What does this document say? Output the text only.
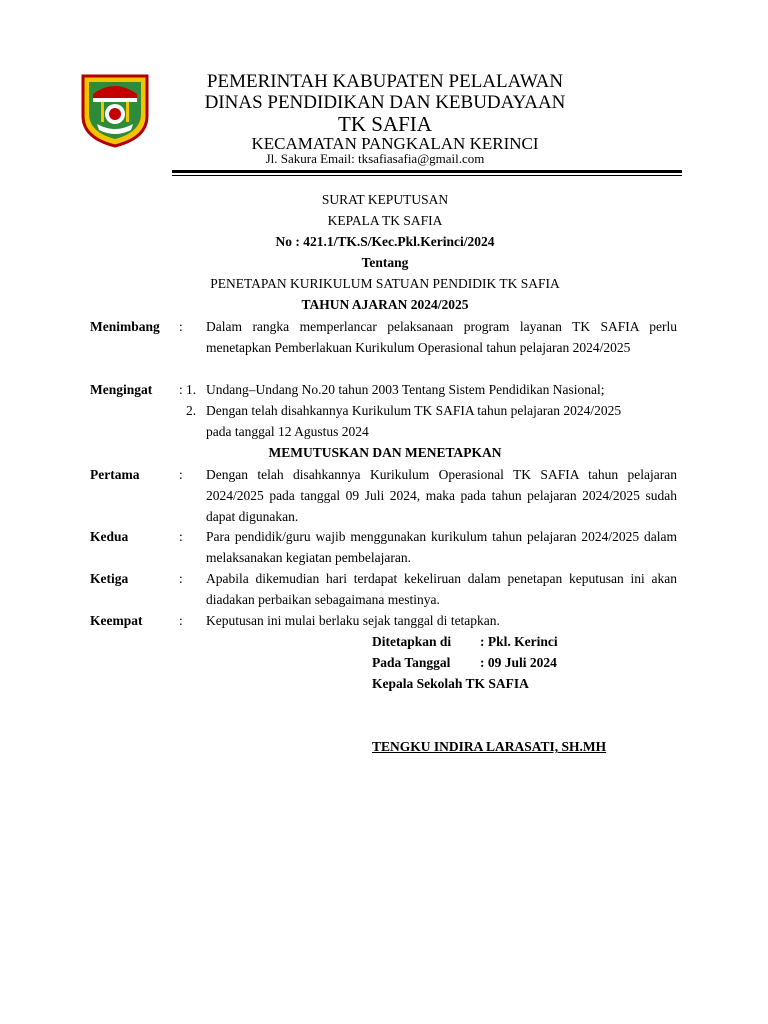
PEMERINTAH KABUPATEN PELALAWAN
DINAS PENDIDIKAN DAN KEBUDAYAAN
TK SAFIA
KECAMATAN PANGKALAN KERINCI
Jl. Sakura Email: tksafiasafia@gmail.com
SURAT KEPUTUSAN
KEPALA TK SAFIA
No : 421.1/TK.S/Kec.Pkl.Kerinci/2024
Tentang
PENETAPAN KURIKULUM SATUAN PENDIDIK TK SAFIA
TAHUN AJARAN 2024/2025
Menimbang : Dalam rangka memperlancar pelaksanaan program layanan TK SAFIA perlu menetapkan Pemberlakuan Kurikulum Operasional tahun pelajaran 2024/2025
Mengingat : 1. Undang–Undang No.20 tahun 2003 Tentang Sistem Pendidikan Nasional;
2. Dengan telah disahkannya Kurikulum TK SAFIA tahun pelajaran 2024/2025
pada tanggal 12 Agustus 2024
MEMUTUSKAN DAN MENETAPKAN
Pertama	: Dengan telah disahkannya Kurikulum Operasional TK SAFIA tahun pelajaran 2024/2025 pada tanggal 09 Juli 2024, maka pada tahun pelajaran 2024/2025 sudah dapat digunakan.
Kedua	: Para pendidik/guru wajib menggunakan kurikulum tahun pelajaran 2024/2025 dalam melaksanakan kegiatan pembelajaran.
Ketiga	: Apabila dikemudian hari terdapat kekeliruan dalam penetapan keputusan ini akan diadakan perbaikan sebagaimana mestinya.
Keempat	: Keputusan ini mulai berlaku sejak tanggal di tetapkan.
Ditetapkan di : Pkl. Kerinci
Pada Tanggal : 09 Juli 2024
Kepala Sekolah TK SAFIA
TENGKU INDIRA LARASATI, SH.MH
